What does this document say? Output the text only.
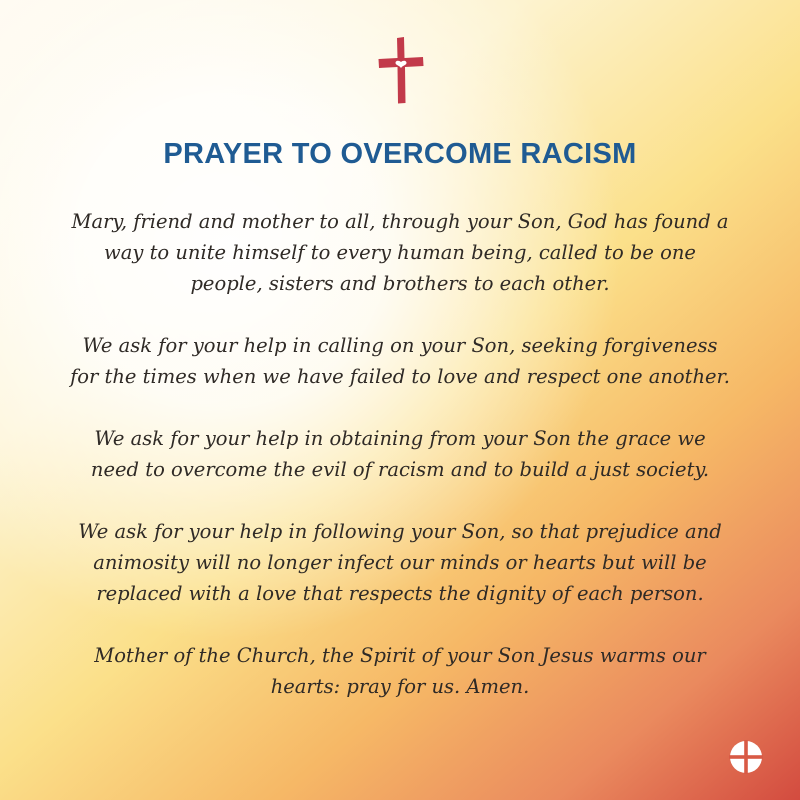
PRAYER TO OVERCOME RACISM

Mary, friend and mother to all, through your Son, God has found a way to unite himself to every human being, called to be one people, sisters and brothers to each other.

We ask for your help in calling on your Son, seeking forgiveness for the times when we have failed to love and respect one another.

We ask for your help in obtaining from your Son the grace we need to overcome the evil of racism and to build a just society.

We ask for your help in following your Son, so that prejudice and animosity will no longer infect our minds or hearts but will be replaced with a love that respects the dignity of each person.

Mother of the Church, the Spirit of your Son Jesus warms our hearts: pray for us. Amen.
